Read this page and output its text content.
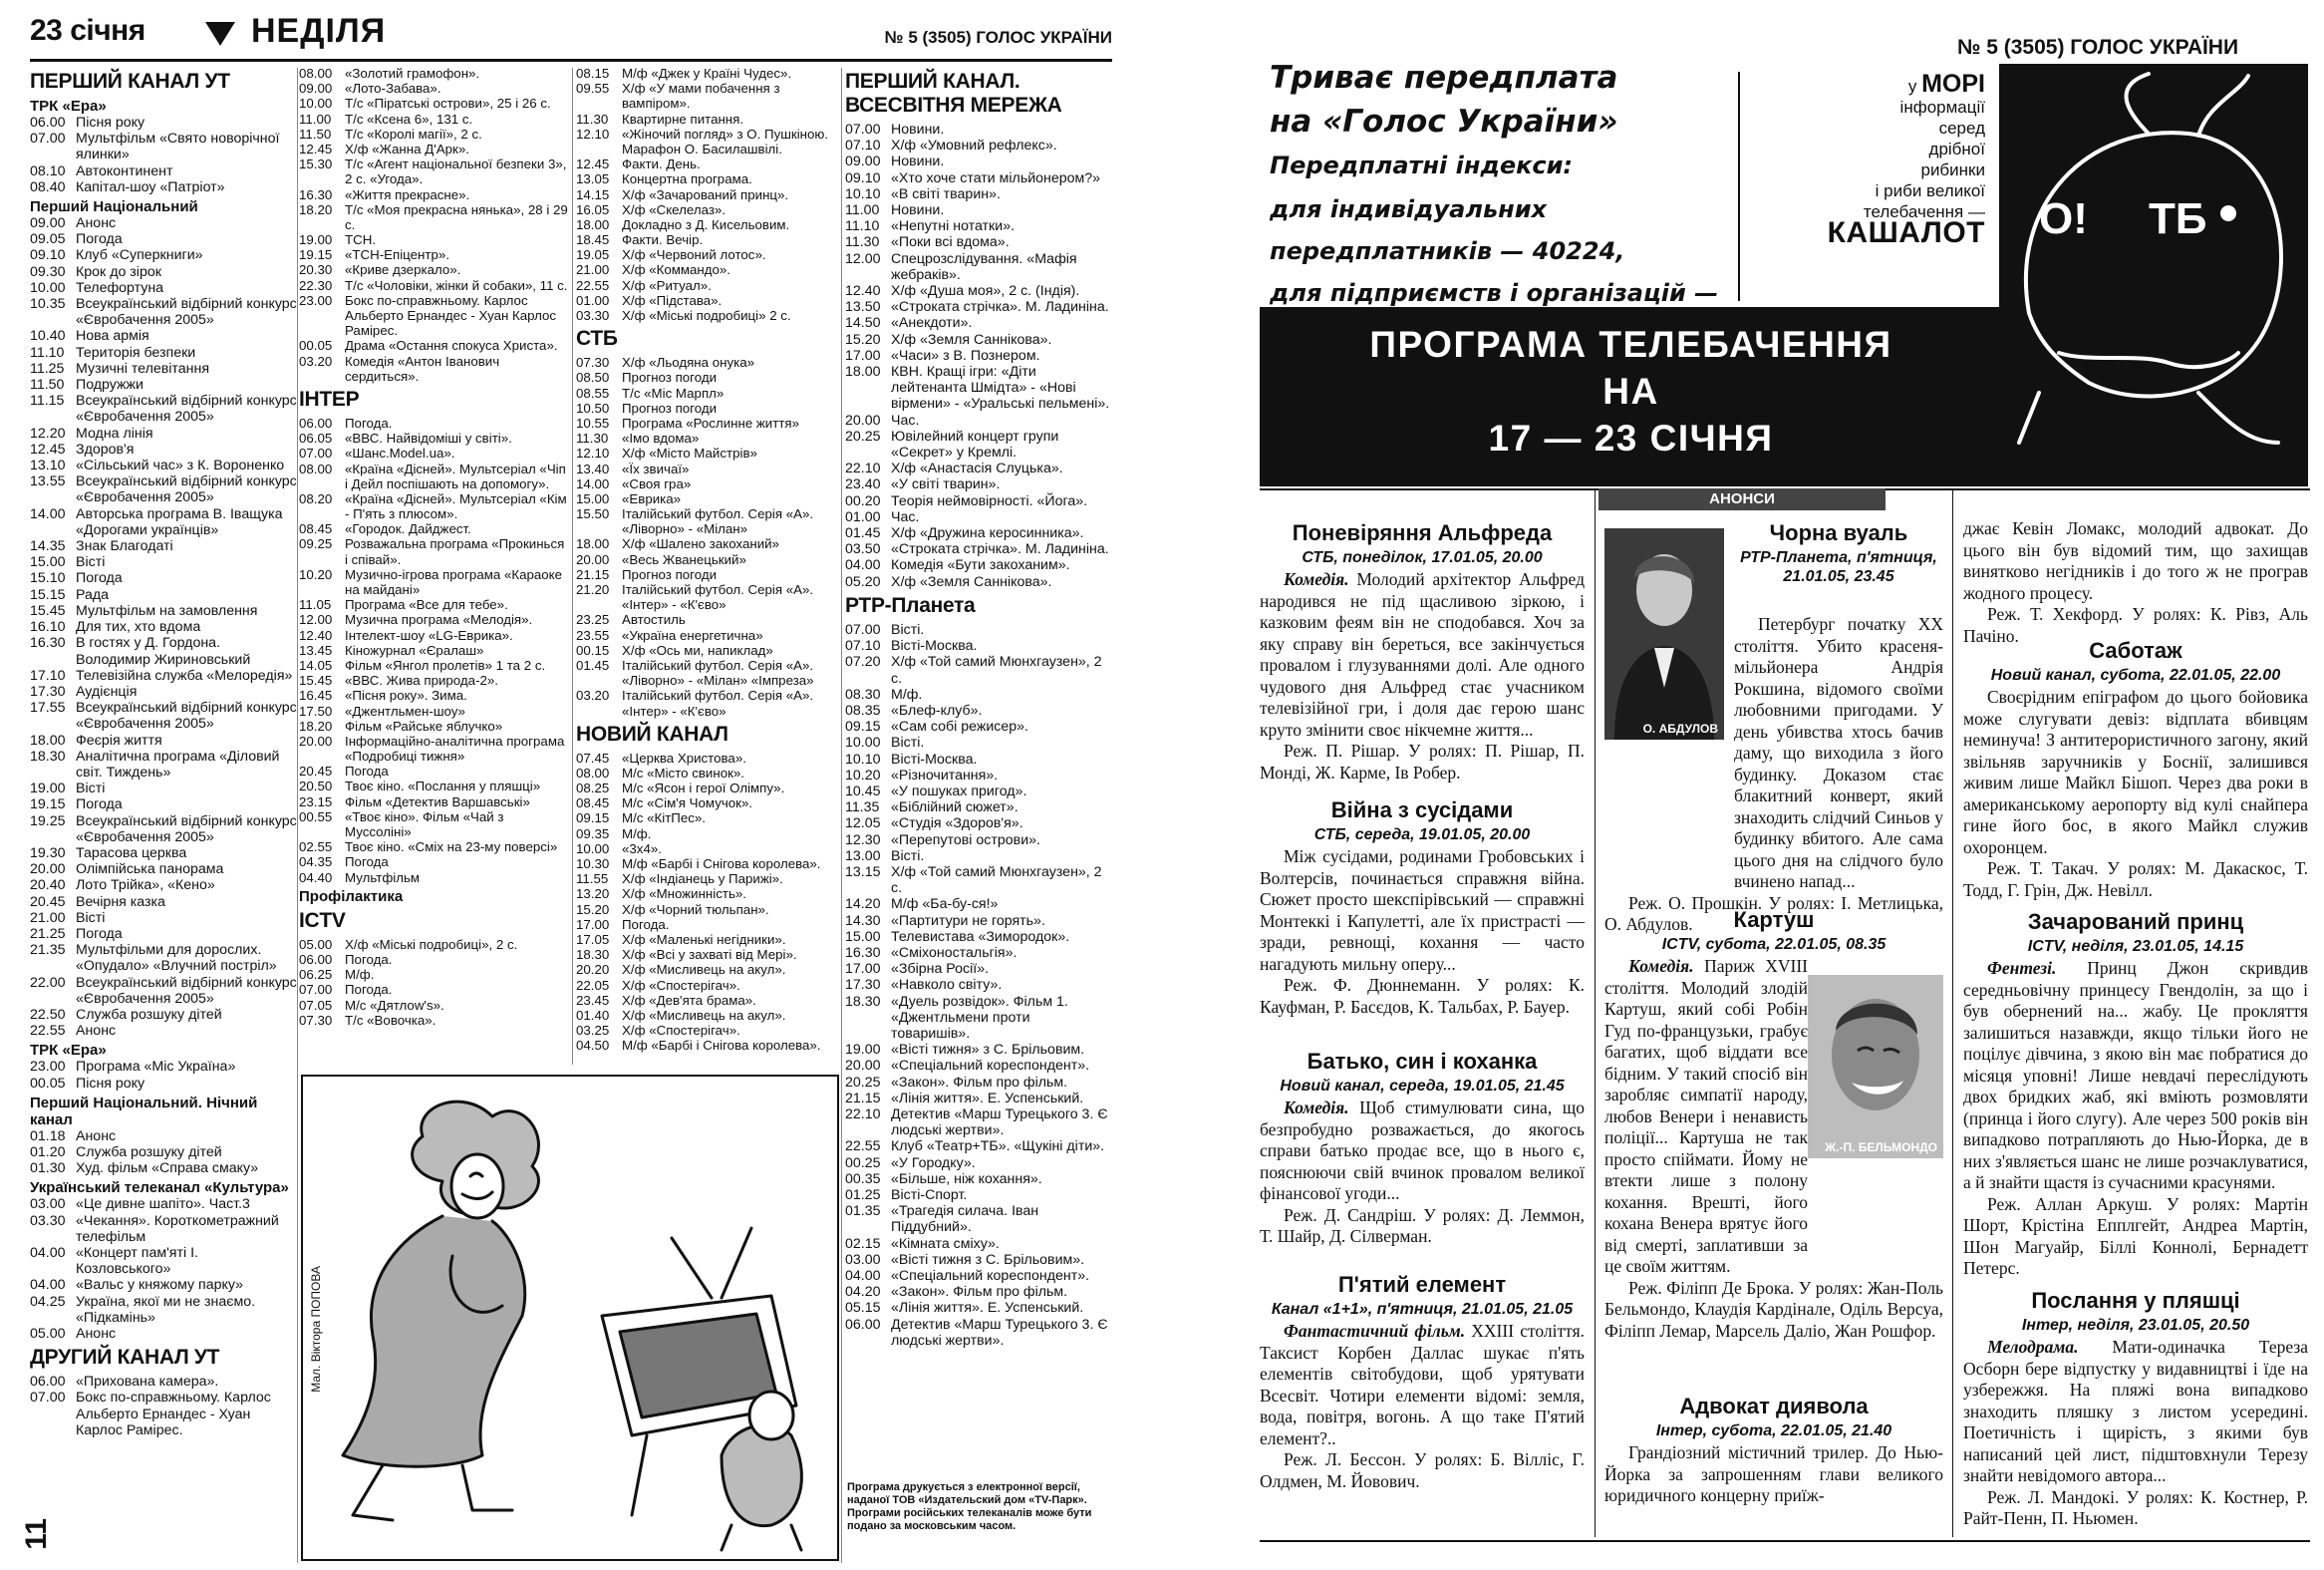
23 січня	НЕДІЛЯ	№ 5 (3505) ГОЛОС УКРАЇНИ
ПЕРШИЙ КАНАЛ УТ
ТРК «Ера»
06.00 Пісня року
07.00 Мультфільм «Свято новорічної ялинки»
08.10 Автоконтинент
08.40 Капітал-шоу «Патріот»
Перший Національний
09.00 Анонс
09.05 Погода
09.10 Клуб «Суперкниги»
09.30 Крок до зірок
10.00 Телефортуна
10.35 Всеукраїнський відбірний конкурс «Євробачення 2005»
10.40 Нова армія
11.10 Територія безпеки
11.25 Музичні телевітання
11.50 Подружжи
11.15 Всеукраїнський відбірний конкурс «Євробачення 2005»
12.20 Модна лінія
12.45 Здоров'я
13.10 «Сільський час» з К. Вороненко
13.55 Всеукраїнський відбірний конкурс «Євробачення 2005»
14.00 Авторська програма В. Іващука «Дорогами українців»
14.35 Знак Благодаті
15.00 Вісті
15.10 Погода
15.15 Рада
15.45 Мультфільм на замовлення
16.10 Для тих, хто вдома
16.30 В гостях у Д. Гордона. Володимир Жириновський
17.10 Телевізійна служба «Мелоредія»
17.30 Аудієнція
17.55 Всеукраїнський відбірний конкурс «Євробачення 2005»
18.00 Феєрія життя
18.30 Аналітична програма «Діловий світ. Тиждень»
19.00 Вісті
19.15 Погода
19.25 Всеукраїнський відбірний конкурс «Євробачення 2005»
19.30 Тарасова церква
20.00 Олімпійська панорама
20.40 Лото Трійка», «Кено»
20.45 Вечірня казка
21.00 Вісті
21.25 Погода
21.35 Мультфільми для дорослих. «Опудало» «Влучний постріл»
22.00 Всеукраїнський відбірний конкурс «Євробачення 2005»
22.50 Служба розшуку дітей
22.55 Анонс
ТРК «Ера»
23.00 Програма «Міс Україна»
00.05 Пісня року
Перший Національний. Нічний канал
01.18 Анонс
01.20 Служба розшуку дітей
01.30 Худ. фільм «Справа смаку»
Український телеканал «Культура»
03.00 «Це дивне шапіто». Част.3
03.30 «Чекання». Короткометражний телефільм
04.00 «Концерт пам'яті І. Козловського»
04.00 «Вальс у княжому парку»
04.25 Україна, якої ми не знаємо. «Підкамінь»
05.00 Анонс
ДРУГИЙ КАНАЛ УТ
06.00 «Прихована камера».
07.00 Бокс по-справжньому. Карлос Альберто Ернандес - Хуан Карлос Раміреc.
08.00 «Золотий грамофон».
09.00 «Лото-Забава».
10.00 Т/с «Піратські острови», 25 і 26 с.
11.00	Т/с «Ксена 6», 131 с.
11.50	Т/с «Королі магії», 2 с.
12.45 Х/ф «Жанна Д'Арк».
15.30 Т/с «Агент національної безпеки 3», 2 с. «Угода».
16.30 «Життя прекрасне».
18.20 Т/с «Моя прекрасна нянька», 28 і 29 с.
19.00 ТСН.
19.15 «ТСН-Епіцентр».
20.30 «Криве дзеркало».
22.30 Т/с «Чоловіки, жінки й собаки», 11 с.
23.00 Бокс по-справжньому. Карлос Альберто Ернандес - Хуан Карлос Раміреc.
00.05 Драма «Остання спокуса Христа».
03.20 Комедія «Антон Іванович сердиться».
ІНТЕР
06.00 Погода.
06.05 «ВВС. Найвідоміші у світі».
07.00 «Шанс.Model.ua».
08.00 «Країна «Дісней». Мультсерiал «Чіп і Дейл поспішають на допомогу».
08.20 «Країна «Дісней». Мультсерiал «Кім - П'ять з плюсом».
08.45 «Городок. Дайджест.
09.25 Розважальна програма «Прокинься і співай».
10.20 Музично-ігрова програма «Караоке на майдані»
11.05	Програма «Все для тебе».
12.00 Музична програма «Мелодія».
12.40 Інтелект-шоу «LG-Еврика».
13.45 Кіножурнал «Єралаш»
14.05 Фільм «Янгол пролетів» 1 та 2 с.
15.45 «ВВС. Жива природа-2».
16.45 «Пісня року». Зима.
17.50 «Джентльмен-шоу»
18.20 Фільм «Райське яблучко»
20.00 Інформаційно-аналітична програма «Подробиці тижня»
20.45 Погода
20.50 Твоє кіно. «Послання у пляшці»
23.15 Фільм «Детектив Варшавські»
00.55 «Твоє кіно». Фільм «Чай з Муссоліні»
02.55 Твоє кіно. «Сміх на 23-му поверсі»
04.35 Погода
04.40 Мультфільм
Профілактика
ICTV
05.00 Х/ф «Міські подробиці», 2 с.
06.00 Погода.
06.25 М/ф.
07.00 Погода.
07.05 М/с «Дятлоw's».
07.30 Т/с «Вовочка».
08.15 М/ф «Джек у Країні Чудес».
09.55 Х/ф «У мами побачення з вампіром».
11.30	Квартирне питання.
12.10 «Жіночий погляд» з О. Пушкіною. Марафон О. Басилашвілі.
12.45 Факти. День.
13.05 Концертна програма.
14.15 Х/ф «Зачарований принц».
16.05 Х/ф «Скелелаз».
18.00 Докладно з Д. Кисельовим.
18.45 Факти. Вечір.
19.05 Х/ф «Червоний лотос».
21.00 Х/ф «Коммандо».
22.55 Х/ф «Ритуал».
01.00 Х/ф «Підстава».
03.30 Х/ф «Міські подробиці» 2 с.
СТБ
07.30 Х/ф «Льодяна онука»
08.50 Прогноз погоди
08.55 Т/с «Міс Марпл»
10.50 Прогноз погоди
10.55 Програма «Рослинне життя»
11.30	«Імо вдома»
12.10 Х/ф «Місто Майстрів»
13.40 «Їх звичаї»
14.00 «Своя гра»
15.00 «Еврика»
15.50 Італійський футбол. Серія «А». «Ліворно» - «Мілан»
18.00 Х/ф «Шалено закоханий»
20.00 «Весь Жванецький»
21.15 Прогноз погоди
21.20 Італійський футбол. Серія «А». «Інтер» - «К'єво»
23.25 Автостиль
23.55 «Україна енергетична»
00.15 Х/ф «Ось ми, напиклад»
01.45 Італійський футбол. Серія «А». «Ліворно» - «Мілан» «Імпреза»
03.20 Італійський футбол. Серія «А». «Інтер» - «К'єво»
НОВИЙ КАНАЛ
07.45 «Церква Христова».
08.00 М/с «Місто свинок».
08.25 М/с «Ясон і герої Олімпу».
08.45 М/с «Сім'я Чомучок».
09.15 М/с «КітПес».
09.35 М/ф.
10.00 «3х4».
10.30 М/ф «Барбі і Снігова королева».
11.55	Х/ф «Індіанець у Парижі».
13.20 Х/ф «Множинність».
15.20 Х/ф «Чорний тюльпан».
17.00 Погода.
17.05 Х/ф «Маленькі негідники».
18.30 Х/ф «Всі у захваті від Мері».
20.20 Х/ф «Мисливець на акул».
22.05 Х/ф «Спостерігач».
23.45 Х/ф «Дев'ята брама».
01.40 Х/ф «Мисливець на акул».
03.25 Х/ф «Спостерігач».
04.50 М/ф «Барбі і Снігова королева».
ПЕРШИЙ КАНАЛ. ВСЕСВІТНЯ МЕРЕЖА
07.00 Новини.
07.10 Х/ф «Умовний рефлекс».
09.00 Новини.
09.10 «Хто хоче стати мільйонером?»
10.10 «В світі тварин».
11.00 Новини.
11.10 «Непутні нотатки».
11.30 «Поки всі вдома».
12.00 Спецрозслідування. «Мафія жебраків».
12.40 Х/ф «Душа моя», 2 с. (Індія).
13.50 «Строката стрічка». М. Ладиніна.
14.50 «Анекдоти».
15.20 Х/ф «Земля Саннікова».
17.00 «Часи» з В. Познером.
18.00 КВН. Кращі ігри: «Діти лейтенанта Шмідта» - «Нові вірмени» - «Уральські пельмені».
20.00 Час.
20.25 Ювілейний концерт групи «Секрет» у Кремлі.
22.10 Х/ф «Анастасія Слуцька».
23.40 «У світі тварин».
00.20 Теорія неймовірності. «Йога».
01.00 Час.
01.45 Х/ф «Дружина керосинника».
03.50 «Строката стрічка». М. Ладиніна.
04.00 Комедія «Бути закоханим».
05.20 Х/ф «Земля Саннікова».
РТР-Планета
07.00 Вісті.
07.10 Вісті-Москва.
07.20 Х/ф «Той самий Мюнхгаузен», 2 с.
08.30 М/ф.
08.35 «Блеф-клуб».
09.15 «Сам собі режисер».
10.00 Вісті.
10.10 Вісті-Москва.
10.20 «Різночитання».
10.45 «У пошуках пригод».
11.35 «Біблійний сюжет».
12.05 «Студія «Здоров'я».
12.30 «Перепутові острови».
13.00 Вісті.
13.15 Х/ф «Той самий Мюнхгаузен», 2 с.
14.20 М/ф «Ба-бу-ся!»
14.30 «Партитури не горять».
15.00 Телевистава «Зимородок».
16.30 «Сміхоностальгія».
17.00 «Збірна Росії».
17.30 «Навколо світу».
18.30 «Дуель розвідок». Фільм 1. «Джентльмени проти товаришів».
19.00 «Вісті тижня» з С. Брільовим.
20.00 «Спеціальний кореспондент».
20.25 «Закон». Фільм про фільм.
21.15 «Лінія життя». Е. Успенський.
22.10 Детектив «Марш Турецького 3. Є людські жертви».
22.55 Клуб «Театр+ТБ». «Щукіні діти».
00.25 «У Городку».
00.35 «Більше, ніж кохання».
01.25 Вісті-Спорт.
01.35 «Трагедія силача. Іван Піддубний».
02.15 «Кімната сміху».
03.00 «Вісті тижня з С. Брільовим».
04.00 «Спеціальний кореспондент».
04.20 «Закон». Фільм про фільм.
05.15 «Лінія життя». Е. Успенський.
06.00 Детектив «Марш Турецького 3. Є людські жертви».
Мал. Віктора ПОПОВА
Програма друкується з електронної версії, наданої ТОВ «Издательский дом «TV-Парк». Програми російських телеканалів може бути подано за московським часом.
11
№ 5 (3505) ГОЛОС УКРАЇНИ
Триває передплата
на «Голос України»
Передплатні індекси:
для індивідуальних
передплатників — 40224,
для підприємств і організацій —
у МОРІ
інформації
серед
дрібної
рибинки
і риби великої
телебачення —
КАШАЛОТ О! ТБ
ПРОГРАМА ТЕЛЕБАЧЕННЯ
НА
17 — 23 СІЧНЯ
АНОНСИ
Поневіряння Альфреда
СТБ, понеділок, 17.01.05, 20.00

Комедія. Молодий архітектор Альфред народився не під щасливою зіркою, і казковим феям він не сподобався. Хоч за яку справу він береться, все закінчується провалом і глузуваннями долі. Але одного чудового дня Альфред стає учасником телевізійної гри, і доля дає герою шанс круто змінити своє нікчемне життя...

Реж. П. Рішар. У ролях: П. Рішар, П. Монді, Ж. Карме, Ів Робер.

Війна з сусідами
СТБ, середа, 19.01.05, 20.00

Між сусідами, родинами Гробовських і Волтерсів, починається справжня війна. Сюжет просто шекспірівський — справжні Монтеккі і Капулетті, але їх пристрасті — зради, ревнощі, кохання — часто нагадують мильну оперу...

Реж. Ф. Дюннеманн. У ролях: К. Кауфман, Р. Басєдов, К. Тальбах, Р. Бауер.

Батько, син і коханка
Новий канал, середа, 19.01.05, 21.45

Комедія. Щоб стимулювати сина, що безпробудно розважається, до якогось справи батько продає все, що в нього є, пояснюючи свій вчинок провалом великої фінансової угоди...

Реж. Д. Сандріш. У ролях: Д. Леммон, Т. Шайр, Д. Сілверман.

П'ятий елемент
Канал «1+1», п'ятниця, 21.01.05, 21.05

Фантастичний фільм. XXIII століття. Таксист Корбен Даллас шукає п'ять елементів світобудови, щоб урятувати Всесвіт. Чотири елементи відомі: земля, вода, повітря, вогонь. А що таке П'ятий елемент?..

Реж. Л. Бессон. У ролях: Б. Вілліс, Г. Олдмен, М. Йовович.

О. АБДУЛОВ
Чорна вуаль
РТР-Планета, п'ятниця, 21.01.05, 23.45

Петербург початку XX століття. Убито красеня-мільйонера Андрія Рокшина, відомого своїми любовними пригодами. У день убивства хтось бачив даму, що виходила з його будинку. Доказом стає блакитний конверт, який знаходить слідчий Синьов у будинку вбитого. Але сама цього дня на слідчого було вчинено напад...

Реж. О. Прошкін. У ролях: І. Метлицька, О. Абдулов.	Картуш
ICTV, субота, 22.01.05, 08.35

Комедія. Париж XVIII століття. Молодий злодій Картуш, який собі Робін Гуд по-французьки, грабує багатих, щоб віддати все бідним. У такий спосіб він заробляє симпатії народу, любов Венери і ненависть поліції... Картуша не так просто спіймати. Йому не втекти лише з полону кохання. Врешті, його кохана Венера врятує його від смерті, заплативши за це своїм життям.

Реж. Філіпп Де Брока. У ролях: Жан-Поль Бельмондо, Клаудія Кардінале, Оділь Версуа, Філіпп Лемар, Марсель Даліо, Жан Рошфор.

Ж.-П. БЕЛЬМОНДО
Адвокат диявола
Інтер, субота, 22.01.05, 21.40

Грандіозний містичний трилер. До Нью-Йорка за запрошенням глави великого юридичного концерну приїж-

джає Кевін Ломакс, молодий адвокат. До цього він був відомий тим, що захищав винятково негідників і до того ж не програв жодного процесу.

Реж. Т. Хекфорд. У ролях: К. Рівз, Аль Пачіно.

Саботаж
Новий канал, субота, 22.01.05, 22.00

Своєрідним епіграфом до цього бойовика може слугувати девіз: відплата вбивцям неминуча! З антитерористичного загону, який звільняв заручників у Боснії, залишився живим лише Майкл Бішоп. Через два роки в американському аеропорту від кулі снайпера гине його бос, в якого Майкл служив охоронцем.

Реж. Т. Такач. У ролях: М. Дакаскос, Т. Тодд, Г. Грін, Дж. Невілл.

Зачарований принц
ICTV, неділя, 23.01.05, 14.15

Фентезі. Принц Джон скривдив середньовічну принцесу Гвендолін, за що і був обернений на... жабу. Це прокляття залишиться назавжди, якщо тільки його не поцілує дівчина, з якою він має побратися до місяця уповні! Лише невдачі переслідують двох бридких жаб, які вміють розмовляти (принца і його слугу). Але через 500 років він випадково потрапляють до Нью-Йорка, де в них з'являється шанс не лише розчаклуватися, а й знайти щастя із сучасними красунями.

Реж. Аллан Аркуш. У ролях: Мартін Шорт, Крістіна Епплгейт, Андреа Мартін, Шон Магуайр, Біллі Коннолі, Бернадетт Петерс.

Послання у пляшці
Інтер, неділя, 23.01.05, 20.50

Мелодрама. Мати-одиначка Тереза Осборн бере відпустку у видавництві і їде на узбережжя. На пляжі вона випадково знаходить пляшку з листом усередині. Поетичність і щирість, з якими був написаний цей лист, підштовхнули Терезу знайти невідомого автора...

Реж. Л. Мандокі. У ролях: К. Костнер, Р. Райт-Пенн, П. Ньюмен.
